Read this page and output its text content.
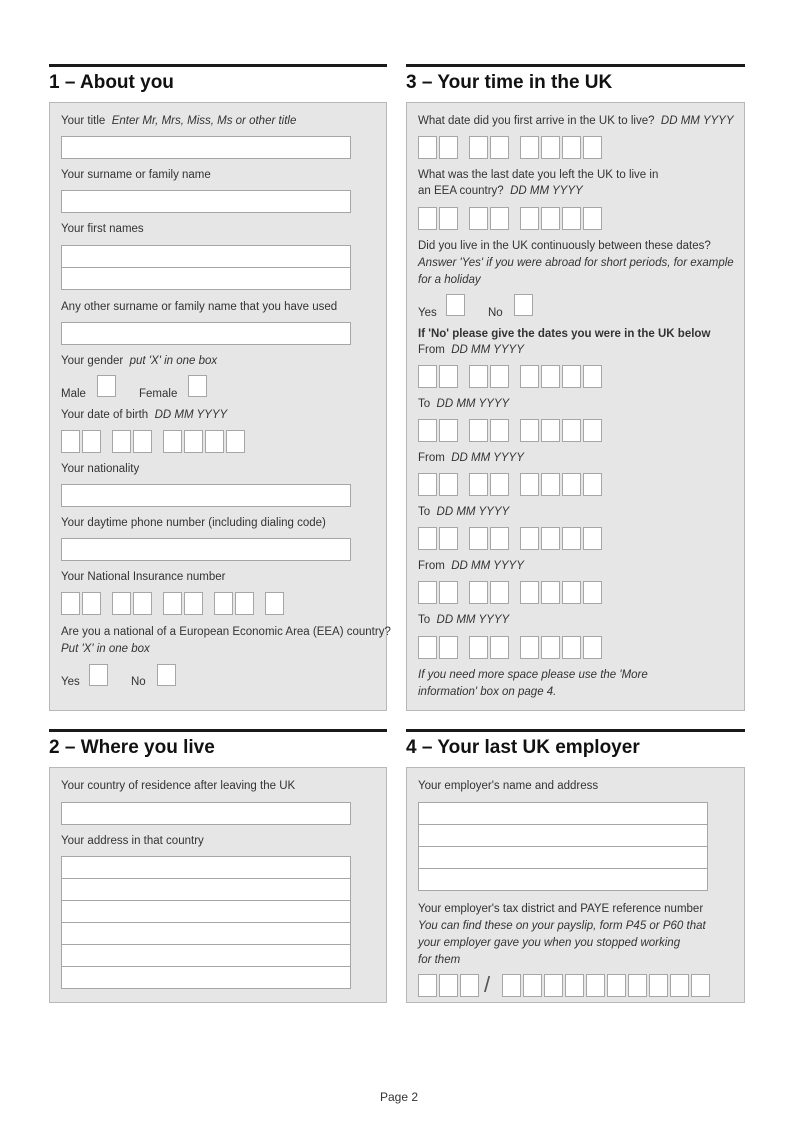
1 – About you
Your title Enter Mr, Mrs, Miss, Ms or other title
Your surname or family name
Your first names
Any other surname or family name that you have used
Your gender put 'X' in one box
Male	Female
Your date of birth DD MM YYYY
Your nationality
Your daytime phone number (including dialing code)
Your National Insurance number
Are you a national of a European Economic Area (EEA) country?
Put 'X' in one box
Yes	No
3 – Your time in the UK
What date did you first arrive in the UK to live? DD MM YYYY
What was the last date you left the UK to live in
an EEA country? DD MM YYYY
Did you live in the UK continuously between these dates?
Answer 'Yes' if you were abroad for short periods, for example
for a holiday
Yes	No
If 'No' please give the dates you were in the UK below
From DD MM YYYY
To DD MM YYYY
From DD MM YYYY
To DD MM YYYY
From DD MM YYYY
To DD MM YYYY
If you need more space please use the 'More
information' box on page 4.
2 – Where you live
Your country of residence after leaving the UK
Your address in that country
4 – Your last UK employer
Your employer's name and address
Your employer's tax district and PAYE reference number
You can find these on your payslip, form P45 or P60 that
your employer gave you when you stopped working
for them
/
Page 2
